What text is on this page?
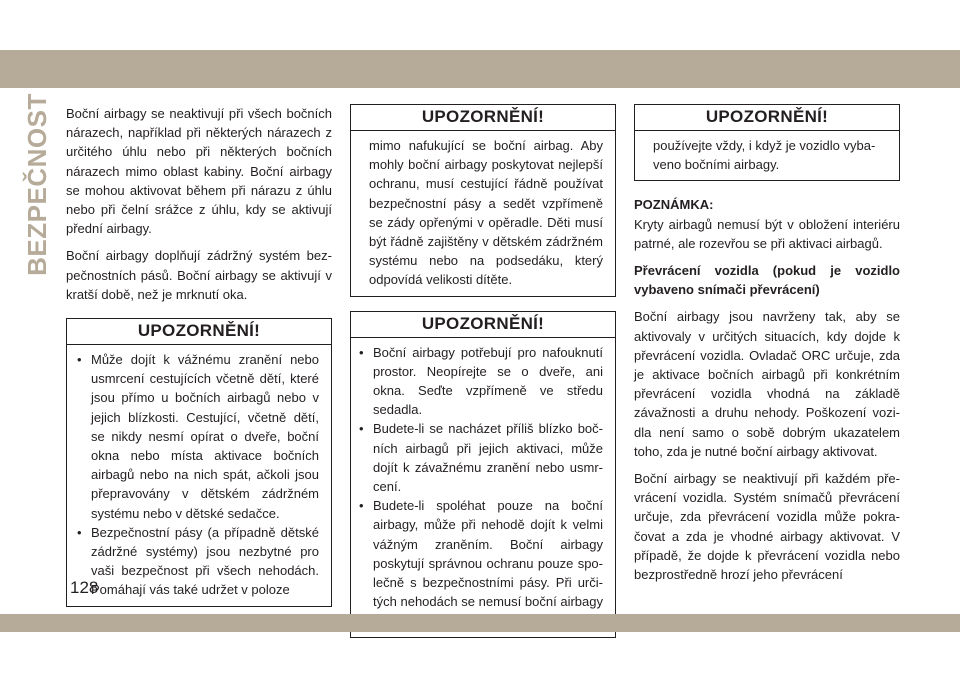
BEZPEČNOST Boční airbagy se neaktivují při všech bočních nárazech, například při některých nárazech z určitého úhlu nebo při některých bočních nárazech mimo oblast kabiny. Boční airbagy se mohou aktivovat během při nárazu z úhlu nebo při čelní srážce z úhlu, kdy se aktivují přední airbagy.

Boční airbagy doplňují zádržný systém bezpečnostních pásů. Boční airbagy se aktivují v kratší době, než je mrknutí oka.

UPOZORNĚNÍ!
• Může dojít k vážnému zranění nebo usmrcení cestujících včetně dětí, které jsou přímo u bočních airbagů nebo v jejich blízkosti. Cestující, včetně dětí, se nikdy nesmí opírat o dveře, boční okna nebo místa aktivace bočních airbagů nebo na nich spát, ačkoli jsou přepravovány v dětském zádržném systému nebo v dětské sedačce.
• Bezpečnostní pásy (a případně dětské zádržné systémy) jsou nezbytné pro vaši bezpečnost při všech nehodách. Pomáhají vás také udržet v poloze
UPOZORNĚNÍ!

mimo nafukující se boční airbag. Aby mohly boční airbagy poskytovat nejlepší ochranu, musí cestující řádně používat bezpečnostní pásy a sedět vzpřímeně se zády opřenými v opěradle. Děti musí být řádně zajištěny v dětském zádržném systému nebo na podsedáku, který odpovídá velikosti dítěte.

UPOZORNĚNÍ!
• Boční airbagy potřebují pro nafouknutí prostor. Neopírejte se o dveře, ani okna. Seďte vzpřímeně ve středu sedadla.
• Budete-li se nacházet příliš blízko bočních airbagů při jejich aktivaci, může dojít k závažnému zranění nebo usmrcení.
• Budete-li spoléhat pouze na boční airbagy, může při nehodě dojít k velmi vážným zraněním. Boční airbagy poskytují správnou ochranu pouze společně s bezpečnostními pásy. Při určitých nehodách se nemusí boční airbagy
UPOZORNĚNÍ!

používejte vždy, i když je vozidlo vybaveno bočními airbagy.

POZNÁMKA:

Kryty airbagů nemusí být v obložení interiéru patrné, ale rozevřou se při aktivaci airbagů.

Převrácení vozidla (pokud je vozidlo vybaveno snímači převrácení)

Boční airbagy jsou navrženy tak, aby se aktivovaly v určitých situacích, kdy dojde k převrácení vozidla. Ovladač ORC určuje, zda je aktivace bočních airbagů při konkrétním převrácení vozidla vhodná na základě závažnosti a druhu nehody. Poškození vozidla není samo o sobě dobrým ukazatelem toho, zda je nutné boční airbagy aktivovat.

Boční airbagy se neaktivují při každém převrácení vozidla. Systém snímačů převrácení určuje, zda převrácení vozidla může pokračovat a zda je vhodné airbagy aktivovat. V případě, že dojde k převrácení vozidla nebo bezprostředně hrozí jeho převrácení

128
